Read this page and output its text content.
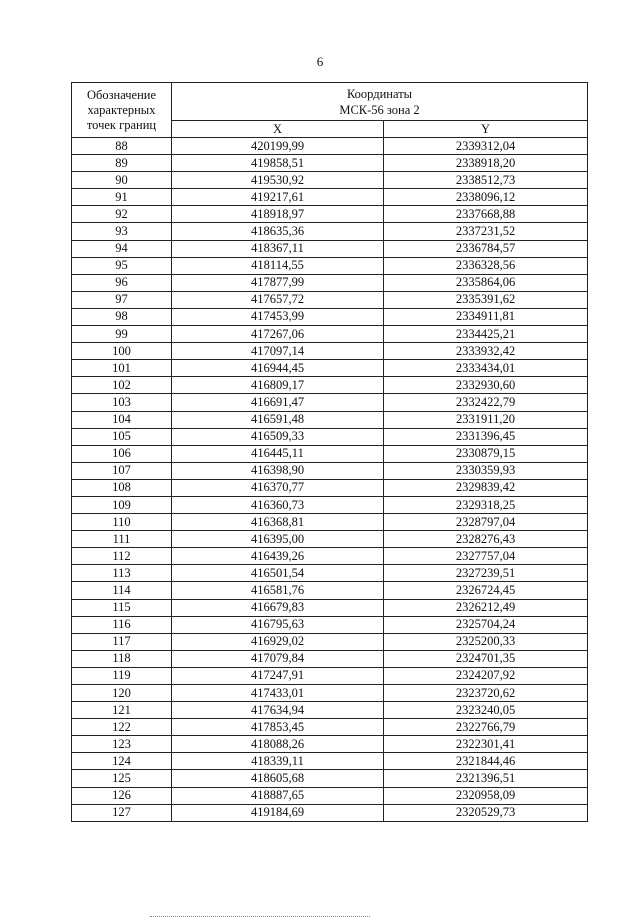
6
Обозначение
характерных
точек границ	Координаты
МСК-56 зона 2	
	X	Y
88	420199,99	2339312,04
89	419858,51	2338918,20
90	419530,92	2338512,73
91	419217,61	2338096,12
92	418918,97	2337668,88
93	418635,36	2337231,52
94	418367,11	2336784,57
95	418114,55	2336328,56
96	417877,99	2335864,06
97	417657,72	2335391,62
98	417453,99	2334911,81
99	417267,06	2334425,21
100	417097,14	2333932,42
101	416944,45	2333434,01
102	416809,17	2332930,60
103	416691,47	2332422,79
104	416591,48	2331911,20
105	416509,33	2331396,45
106	416445,11	2330879,15
107	416398,90	2330359,93
108	416370,77	2329839,42
109	416360,73	2329318,25
110	416368,81	2328797,04
111	416395,00	2328276,43
112	416439,26	2327757,04
113	416501,54	2327239,51
114	416581,76	2326724,45
115	416679,83	2326212,49
116	416795,63	2325704,24
117	416929,02	2325200,33
118	417079,84	2324701,35
119	417247,91	2324207,92
120	417433,01	2323720,62
121	417634,94	2323240,05
122	417853,45	2322766,79
123	418088,26	2322301,41
124	418339,11	2321844,46
125	418605,68	2321396,51
126	418887,65	2320958,09
127	419184,69	2320529,73
